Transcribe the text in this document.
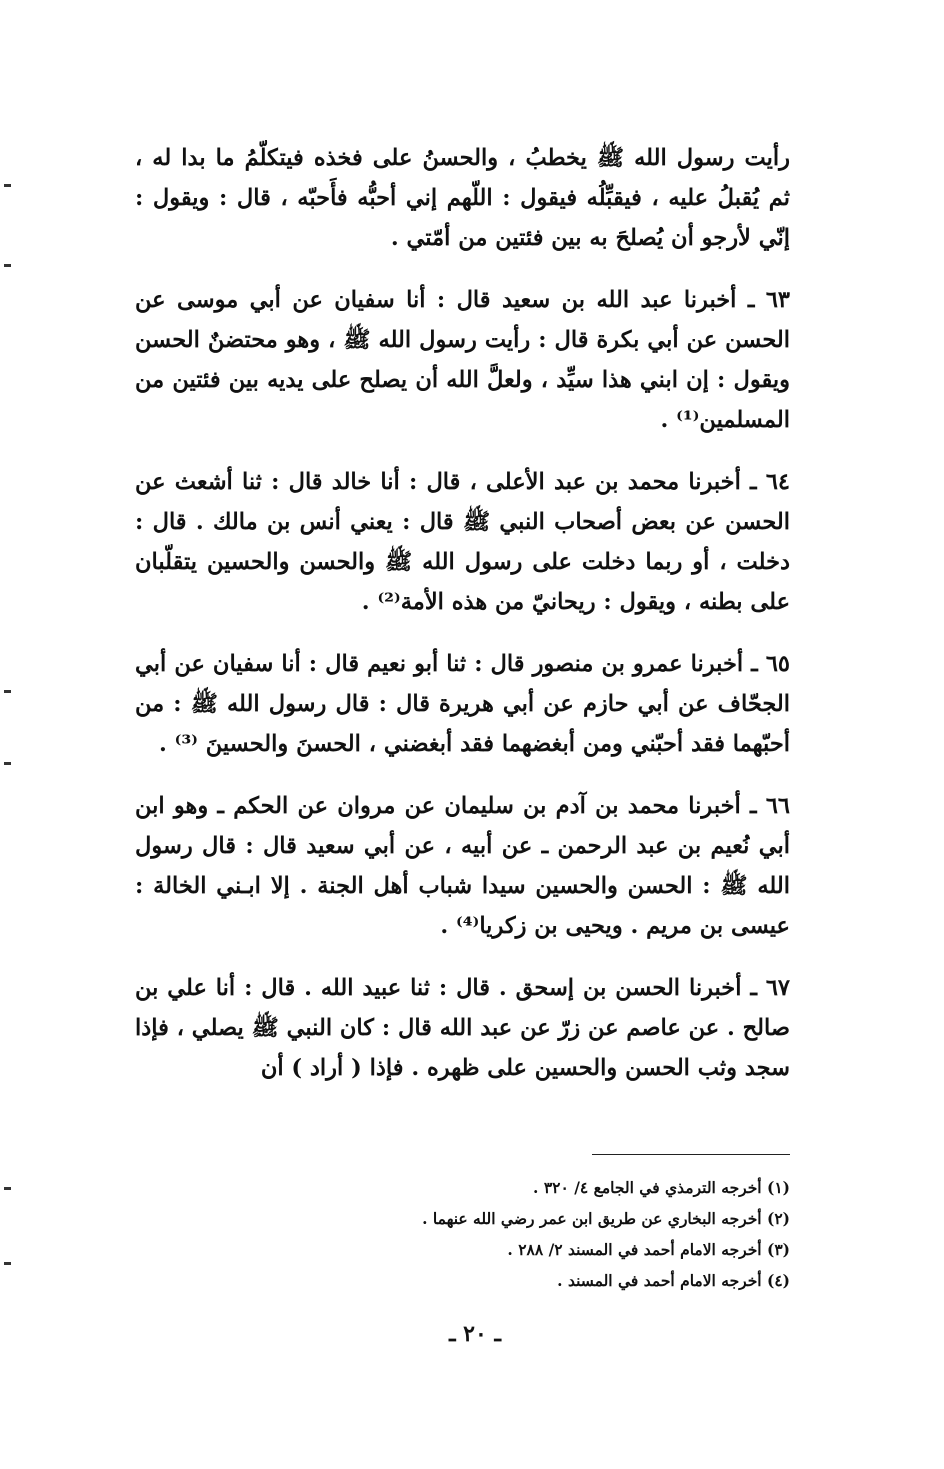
رأيت رسول الله ﷺ يخطبُ ، والحسنُ على فخذه فيتكلّمُ ما بدا له ، ثم يُقبلُ عليه ، فيقبِّلُه فيقول : اللّهم إني أحبُّه فأَحبّه ، قال : ويقول : إنّي لأرجو أن يُصلحَ به بين فئتين من أمّتي .

٦٣ ـ أخبرنا عبد الله بن سعيد قال : أنا سفيان عن أبي موسى عن الحسن عن أبي بكرة قال : رأيت رسول الله ﷺ ، وهو محتضنٌ الحسن ويقول : إن ابني هذا سيِّد ، ولعلَّ الله أن يصلح على يديه بين فئتين من المسلمين⁽¹⁾ .

٦٤ ـ أخبرنا محمد بن عبد الأعلى ، قال : أنا خالد قال : ثنا أشعث عن الحسن عن بعض أصحاب النبي ﷺ قال : يعني أنس بن مالك . قال : دخلت ، أو ربما دخلت على رسول الله ﷺ والحسن والحسين يتقلّبان على بطنه ، ويقول : ريحانيّ من هذه الأمة⁽²⁾ .

٦٥ ـ أخبرنا عمرو بن منصور قال : ثنا أبو نعيم قال : أنا سفيان عن أبي الجحّاف عن أبي حازم عن أبي هريرة قال : قال رسول الله ﷺ : من أحبّهما فقد أحبّني ومن أبغضهما فقد أبغضني ، الحسنَ والحسينَ ⁽³⁾ .

٦٦ ـ أخبرنا محمد بن آدم بن سليمان عن مروان عن الحكم ـ وهو ابن أبي نُعيم بن عبد الرحمن ـ عن أبيه ، عن أبي سعيد قال : قال رسول الله ﷺ : الحسن والحسين سيدا شباب أهل الجنة . إلا ابـني الخالة : عيسى بن مريم . ويحيى بن زكريا⁽⁴⁾ .

٦٧ ـ أخبرنا الحسن بن إسحق . قال : ثنا عبيد الله . قال : أنا علي بن صالح . عن عاصم عن زرّ عن عبد الله قال : كان النبي ﷺ يصلي ، فإذا سجد وثب الحسن والحسين على ظهره . فإذا ( أراد ) أن

(١) أخرجه الترمذي في الجامع ٤/ ٣٢٠ .

(٢) أخرجه البخاري عن طريق ابن عمر رضي الله عنهما .

(٣) أخرجه الامام أحمد في المسند ٢/ ٢٨٨ .

(٤) أخرجه الامام أحمد في المسند .

ـ ٢٠ ـ
